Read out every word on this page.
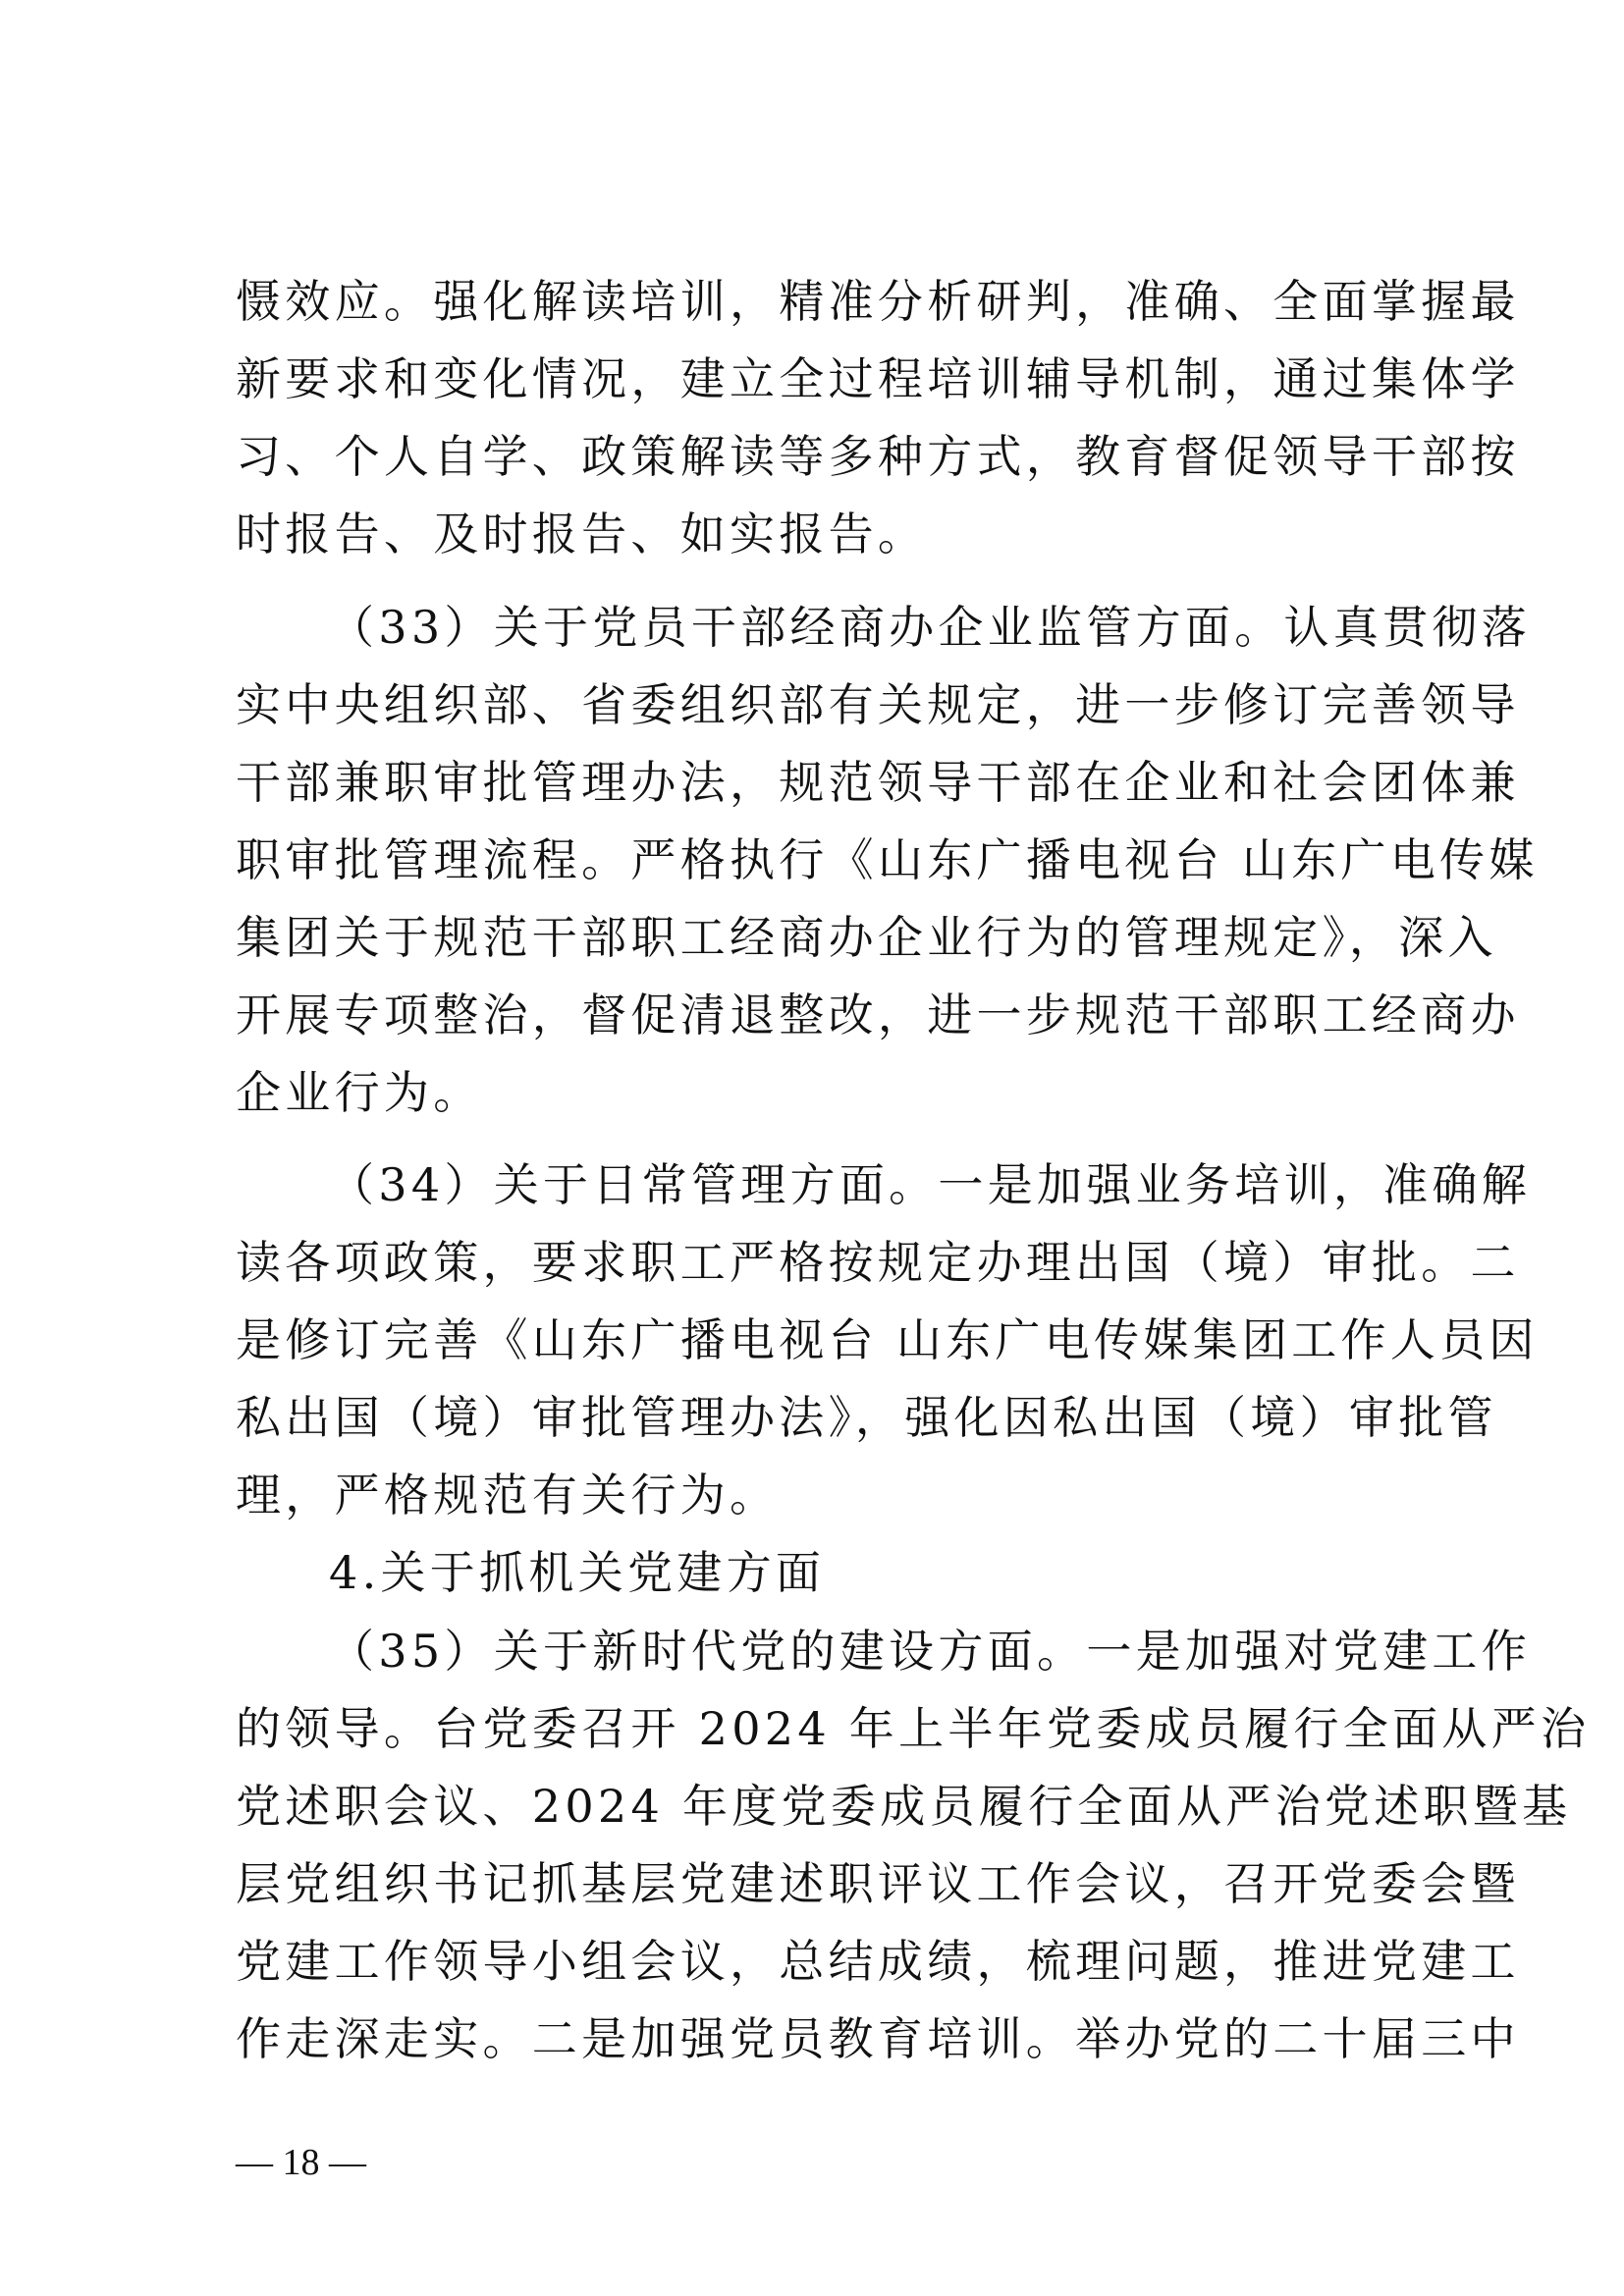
慑效应。强化解读培训，精准分析研判，准确、全面掌握最
新要求和变化情况，建立全过程培训辅导机制，通过集体学
习、个人自学、政策解读等多种方式，教育督促领导干部按
时报告、及时报告、如实报告。
（33）关于党员干部经商办企业监管方面。认真贯彻落
实中央组织部、省委组织部有关规定，进一步修订完善领导
干部兼职审批管理办法，规范领导干部在企业和社会团体兼
职审批管理流程。严格执行《山东广播电视台 山东广电传媒
集团关于规范干部职工经商办企业行为的管理规定》，深入
开展专项整治，督促清退整改，进一步规范干部职工经商办
企业行为。
（34）关于日常管理方面。一是加强业务培训，准确解
读各项政策，要求职工严格按规定办理出国（境）审批。二
是修订完善《山东广播电视台 山东广电传媒集团工作人员因
私出国（境）审批管理办法》，强化因私出国（境）审批管
理，严格规范有关行为。
4.关于抓机关党建方面
（35）关于新时代党的建设方面。一是加强对党建工作
的领导。台党委召开 2024 年上半年党委成员履行全面从严治
党述职会议、2024 年度党委成员履行全面从严治党述职暨基
层党组织书记抓基层党建述职评议工作会议，召开党委会暨
党建工作领导小组会议，总结成绩，梳理问题，推进党建工
作走深走实。二是加强党员教育培训。举办党的二十届三中
— 18 —
